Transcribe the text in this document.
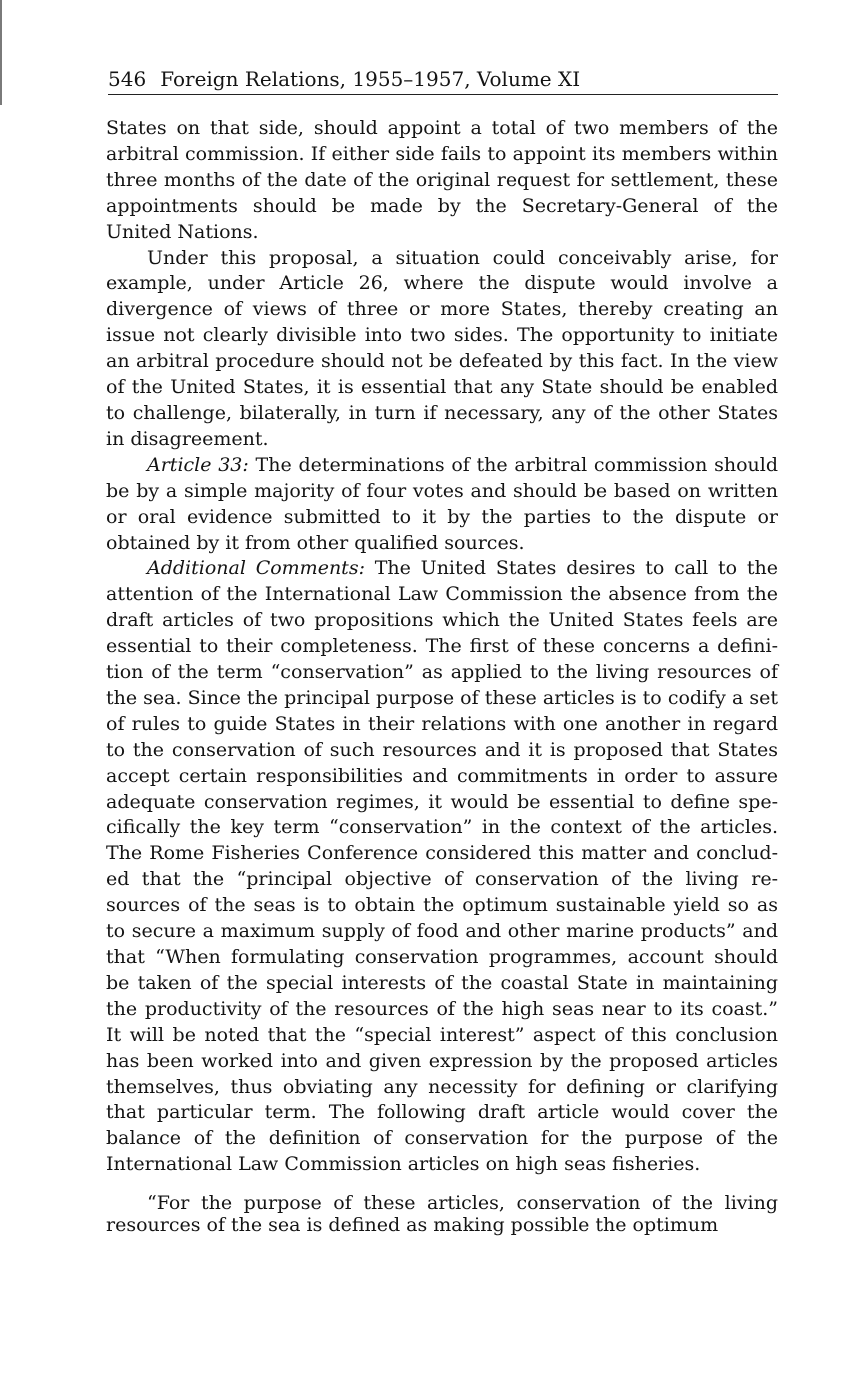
546 Foreign Relations, 1955–1957, Volume XI

States on that side, should appoint a total of two members of the arbitral commission. If either side fails to appoint its members within three months of the date of the original request for settlement, these appointments should be made by the Secretary-General of the United Nations.

Under this proposal, a situation could conceivably arise, for example, under Article 26, where the dispute would involve a divergence of views of three or more States, thereby creating an issue not clearly divisible into two sides. The opportunity to initiate an arbitral procedure should not be defeated by this fact. In the view of the United States, it is essential that any State should be enabled to challenge, bilaterally, in turn if necessary, any of the other States in disagreement.

Article 33: The determinations of the arbitral commission should be by a simple majority of four votes and should be based on written or oral evidence submitted to it by the parties to the dispute or obtained by it from other qualified sources.

Additional Comments: The United States desires to call to the attention of the International Law Commission the absence from the draft articles of two propositions which the United States feels are essential to their completeness. The first of these concerns a definition of the term “conservation” as applied to the living resources of the sea. Since the principal purpose of these articles is to codify a set of rules to guide States in their relations with one another in regard to the conservation of such resources and it is proposed that States accept certain responsibilities and commitments in order to assure adequate conservation regimes, it would be essential to define specifically the key term “conservation” in the context of the articles. The Rome Fisheries Conference considered this matter and concluded that the “principal objective of conservation of the living resources of the seas is to obtain the optimum sustainable yield so as to secure a maximum supply of food and other marine products” and that “When formulating conservation programmes, account should be taken of the special interests of the coastal State in maintaining the productivity of the resources of the high seas near to its coast.” It will be noted that the “special interest” aspect of this conclusion has been worked into and given expression by the proposed articles themselves, thus obviating any necessity for defining or clarifying that particular term. The following draft article would cover the balance of the definition of conservation for the purpose of the International Law Commission articles on high seas fisheries.

“For the purpose of these articles, conservation of the living resources of the sea is defined as making possible the optimum
